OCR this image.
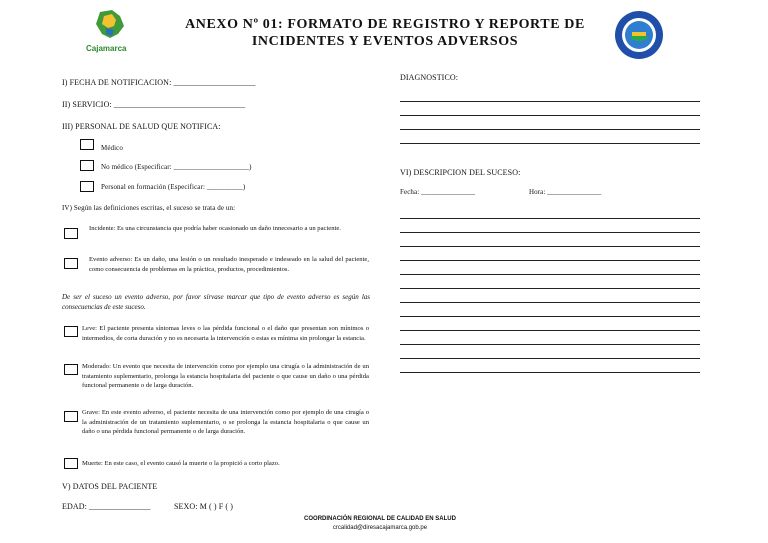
Cajamarca
ANEXO Nº 01: FORMATO DE REGISTRO Y REPORTE DE INCIDENTES Y EVENTOS ADVERSOS
I) FECHA DE NOTIFICACION: ____________________
II) SERVICIO: ________________________________
III) PERSONAL DE SALUD QUE NOTIFICA:
Médico
No médico (Especificar: _____________________)
Personal en formación (Especificar: __________)
IV) Según las definiciones escritas, el suceso se trata de un:
Incidente: Es una circunstancia que podría haber ocasionado un daño innecesario a un paciente.
Evento adverso: Es un daño, una lesión o un resultado inesperado e indeseado en la salud del paciente, como consecuencia de problemas en la práctica, productos, procedimientos.
De ser el suceso un evento adverso, por favor sírvase marcar que tipo de evento adverso es según las consecuencias de este suceso.
Leve: El paciente presenta síntomas leves o las pérdida funcional o el daño que presentan son mínimos o intermedios, de corta duración y no es necesaria la intervención o estas es mínima sin prolongar la estancia.
Moderado: Un evento que necesita de intervención como por ejemplo una cirugía o la administración de un tratamiento suplementario, prolonga la estancia hospitalaria del paciente o que cause un daño o una pérdida funcional permanente o de larga duración.
Grave: En este evento adverso, el paciente necesita de una intervención como por ejemplo de una cirugía o la administración de un tratamiento suplementario, o se prolonga la estancia hospitalaria o que cause un daño o una pérdida funcional permanente o de larga duración.
Muerte: En este caso, el evento causó la muerte o la propició a corto plazo.
V) DATOS DEL PACIENTE
EDAD: _______________	SEXO: M ( ) F ( )
DIAGNOSTICO:
VI) DESCRIPCION DEL SUCESO:
Fecha: _______________	Hora: _______________
COORDINACIÓN REGIONAL DE CALIDAD EN SALUD
crcalidad@diresacajamarca.gob.pe
